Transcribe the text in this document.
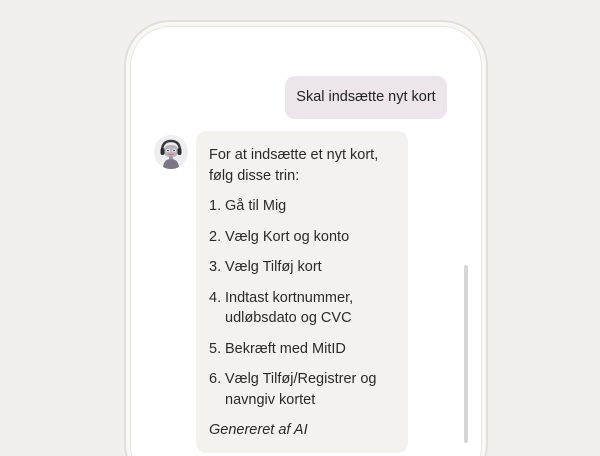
Skal indsætte nyt kort

For at indsætte et nyt kort, følg disse trin:

1. Gå til Mig
2. Vælg Kort og konto
3. Vælg Tilføj kort
4. Indtast kortnummer, udløbsdato og CVC
5. Bekræft med MitID
6. Vælg Tilføj/Registrer og navngiv kortet
Genereret af AI
